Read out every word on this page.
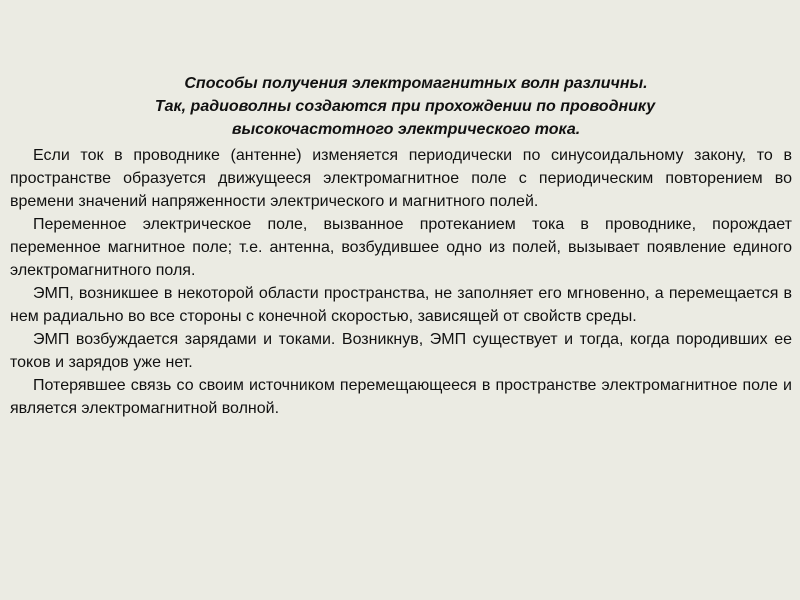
Способы получения электромагнитных волн различны.
Так, радиоволны создаются при прохождении по проводнику
высокочастотного электрического тока.

Если ток в проводнике (антенне) изменяется периодически по синусоидальному закону, то в пространстве образуется движущееся электромагнитное поле с периодическим повторением во времени значений напряженности электрического и магнитного полей.

Переменное электрическое поле, вызванное протеканием тока в проводнике, порождает переменное магнитное поле; т.е. антенна, возбудившее одно из полей, вызывает появление единого электромагнитного поля.

ЭМП, возникшее в некоторой области пространства, не заполняет его мгновенно, а перемещается в нем радиально во все стороны с конечной скоростью, зависящей от свойств среды.

ЭМП возбуждается зарядами и токами. Возникнув, ЭМП существует и тогда, когда породивших ее токов и зарядов уже нет.

Потерявшее связь со своим источником перемещающееся в пространстве электромагнитное поле и является электромагнитной волной.
